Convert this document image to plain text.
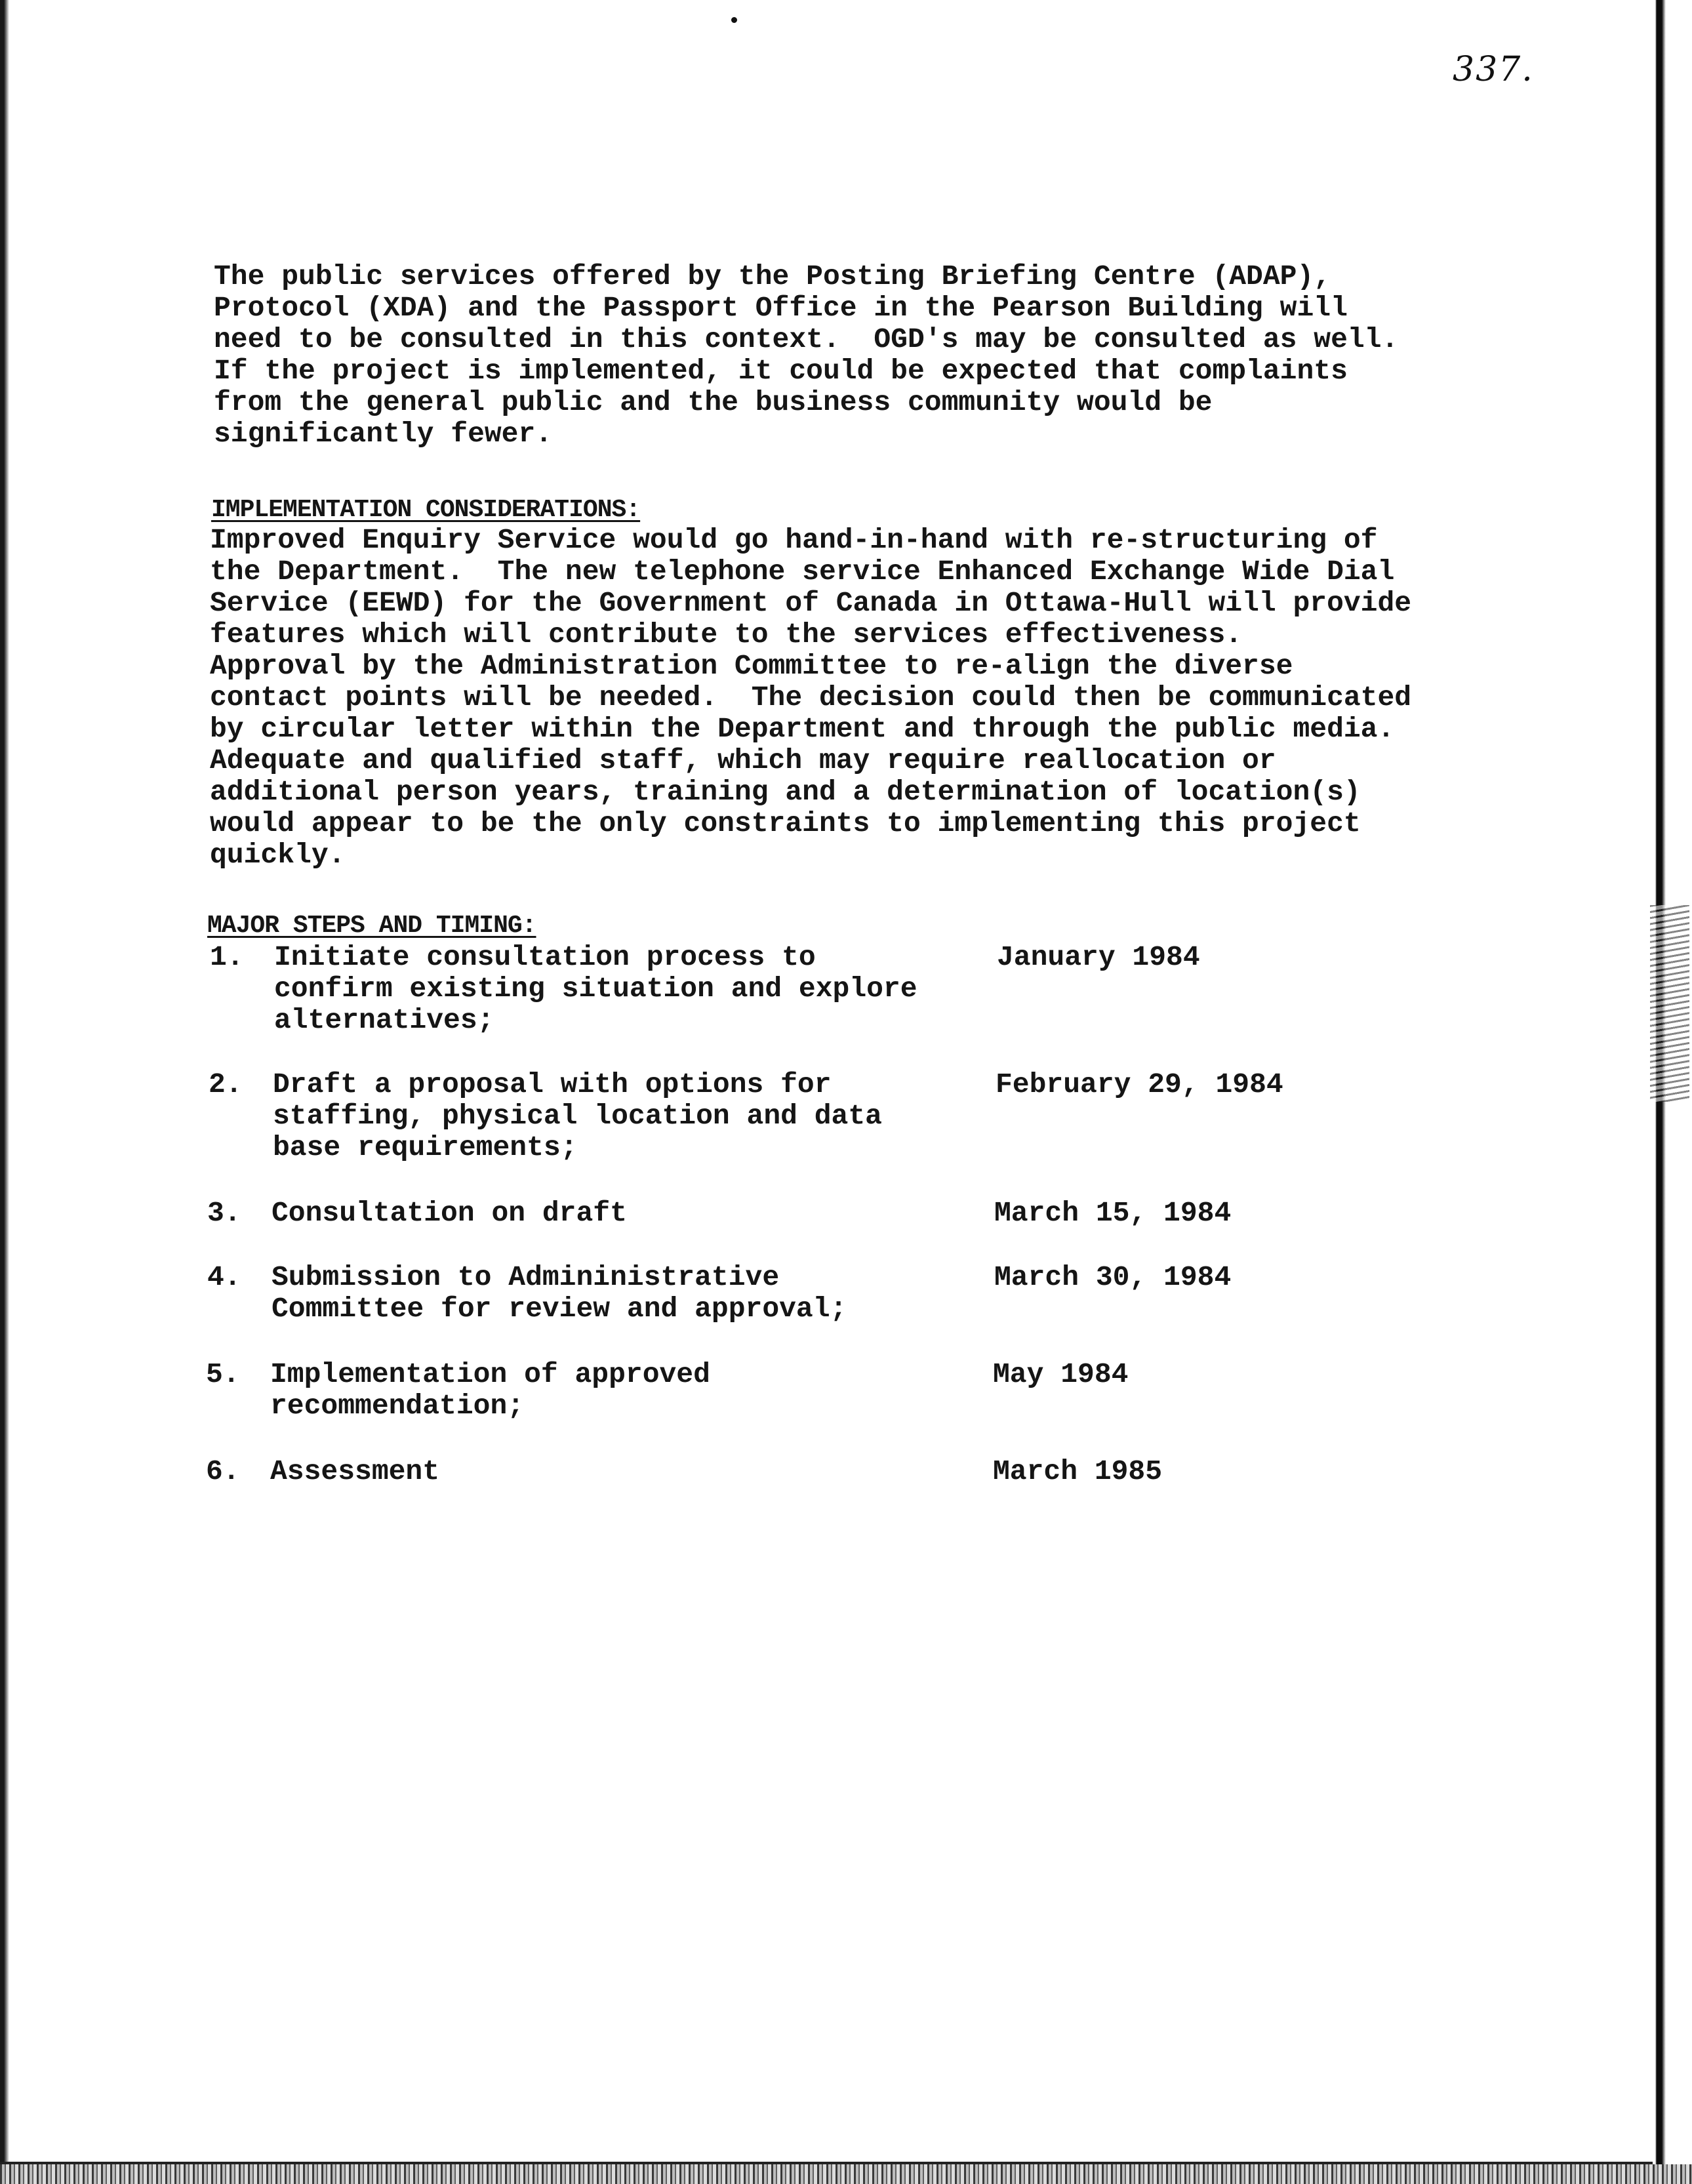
337.
The public services offered by the Posting Briefing Centre (ADAP),
Protocol (XDA) and the Passport Office in the Pearson Building will
need to be consulted in this context.  OGD's may be consulted as well.
If the project is implemented, it could be expected that complaints
from the general public and the business community would be
significantly fewer.
IMPLEMENTATION CONSIDERATIONS:
Improved Enquiry Service would go hand-in-hand with re-structuring of
the Department.  The new telephone service Enhanced Exchange Wide Dial
Service (EEWD) for the Government of Canada in Ottawa-Hull will provide
features which will contribute to the services effectiveness.
Approval by the Administration Committee to re-align the diverse
contact points will be needed.  The decision could then be communicated
by circular letter within the Department and through the public media.
Adequate and qualified staff, which may require reallocation or
additional person years, training and a determination of location(s)
would appear to be the only constraints to implementing this project
quickly.
MAJOR STEPS AND TIMING:
1. Initiate consultation process to
confirm existing situation and explore
alternatives;
January 1984
2. Draft a proposal with options for
staffing, physical location and data
base requirements;
February 29, 1984
3. Consultation on draft	March 15, 1984
4. Submission to Admininistrative
Committee for review and approval;
March 30, 1984
5. Implementation of approved
recommendation;
May 1984
6. Assessment	March 1985
